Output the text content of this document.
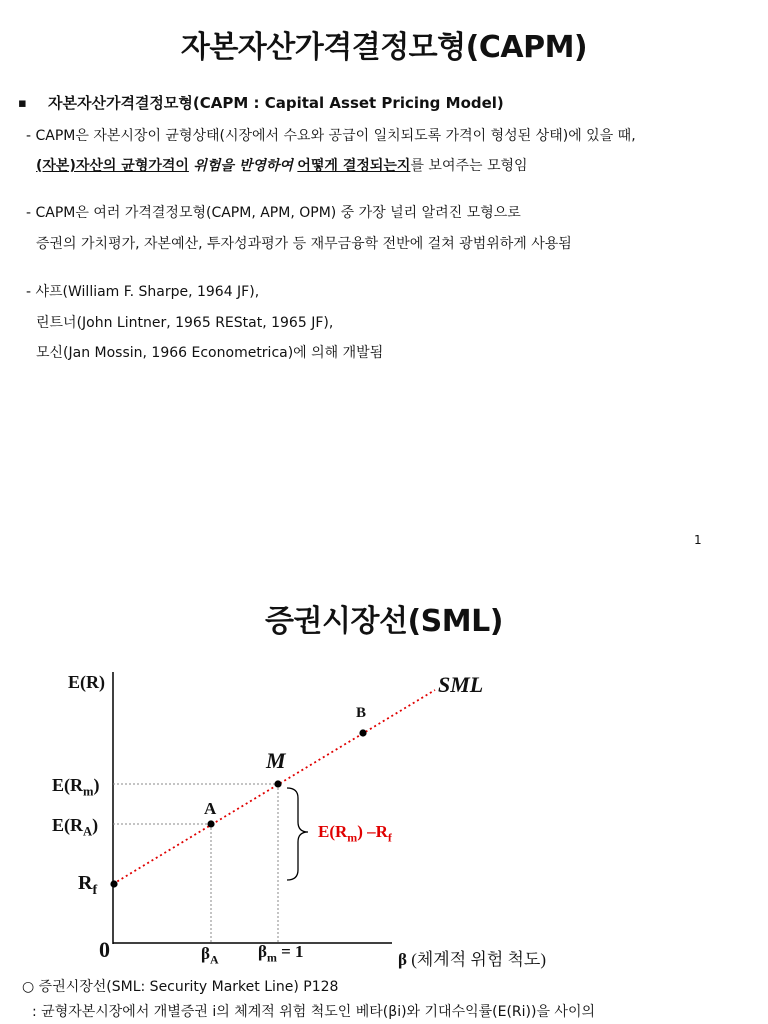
자본자산가격결정모형(CAPM)
▪ 자본자산가격결정모형(CAPM : Capital Asset Pricing Model)
- CAPM은 자본시장이 균형상태(시장에서 수요와 공급이 일치되도록 가격이 형성된 상태)에 있을 때,
(자본)자산의 균형가격이 위험을 반영하여 어떻게 결정되는지를 보여주는 모형임
- CAPM은 여러 가격결정모형(CAPM, APM, OPM) 중 가장 널리 알려진 모형으로
증권의 가치평가, 자본예산, 투자성과평가 등 재무금융학 전반에 걸쳐 광범위하게 사용됨
- 샤프(William F. Sharpe, 1964 JF),
린트너(John Lintner, 1965 REStat, 1965 JF),
모신(Jan Mossin, 1966 Econometrica)에 의해 개발됨
1
증권시장선(SML)
E(R)	SML
B
M
A
$E(R_m)$
$E(R_A)$
$R_f$
$E(R_m)$ $-R_f$
0	$\beta_A$ $\beta_m = 1$	β (체계적 위험 척도)
○ 증권시장선(SML: Security Market Line) P128
: 균형자본시장에서 개별증권 i의 체계적 위험 척도인 베타(βi)와 기대수익률(E(Ri))을 사이의
